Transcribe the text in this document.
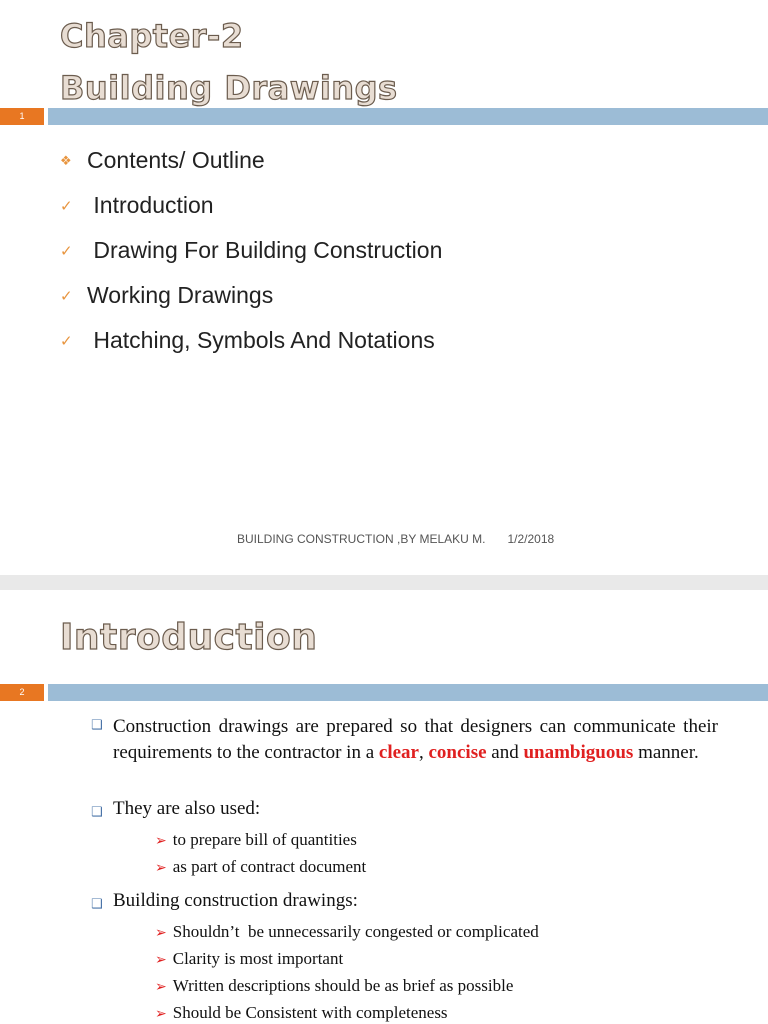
Chapter-2
Building Drawings
1
❖ Contents/ Outline
✓ Introduction
✓ Drawing For Building Construction
✓ Working Drawings
✓ Hatching, Symbols And Notations
BUILDING CONSTRUCTION ,BY MELAKU M. 1/2/2018
Introduction
2
❑ Construction drawings are prepared so that designers can communicate their requirements to the contractor in a clear, concise and unambiguous manner.

❑ They are also used:
➢ to prepare bill of quantities
➢ as part of contract document
❑ Building construction drawings:
➢ Shouldn’t  be unnecessarily congested or complicated
➢ Clarity is most important
➢ Written descriptions should be as brief as possible
➢ Should be Consistent with completeness
